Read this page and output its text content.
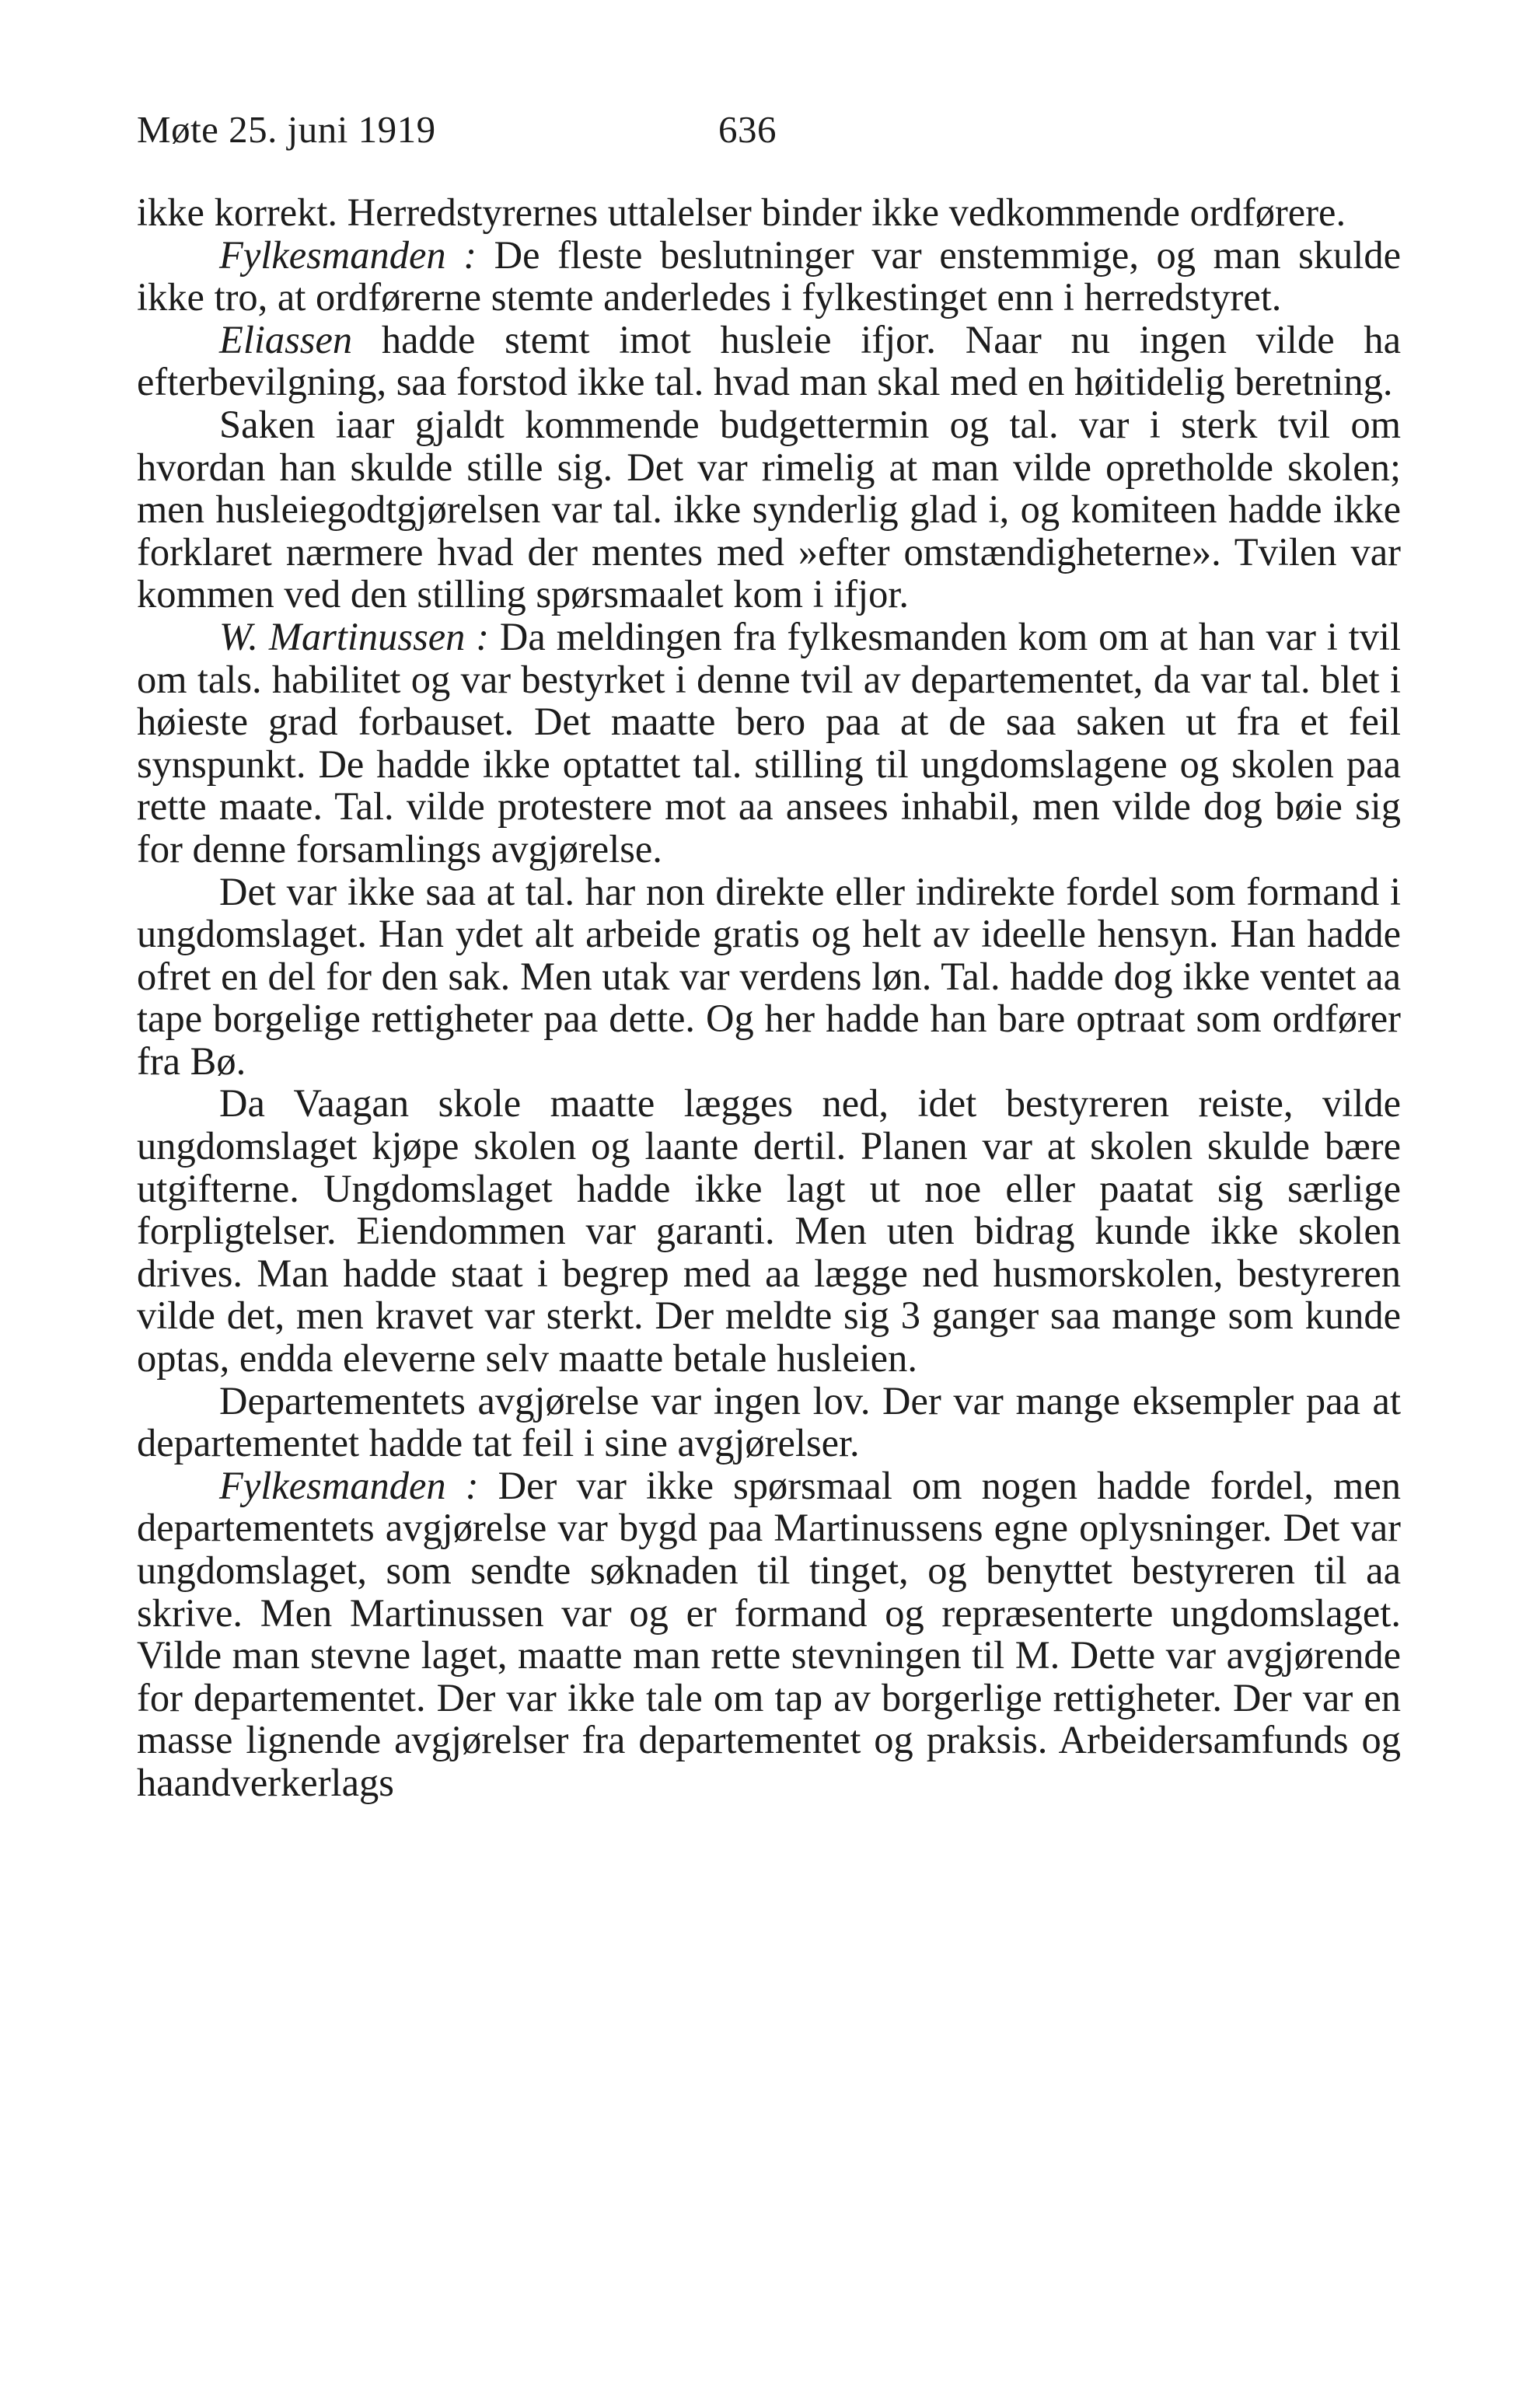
Møte 25. juni 1919	636

ikke korrekt. Herredstyrernes uttalelser binder ikke vedkommende ordførere.

Fylkesmanden : De fleste beslutninger var enstemmige, og man skulde ikke tro, at ordførerne stemte anderledes i fylkestinget enn i herredstyret.

Eliassen hadde stemt imot husleie ifjor. Naar nu ingen vilde ha efterbevilgning, saa forstod ikke tal. hvad man skal med en høitidelig beretning.

Saken iaar gjaldt kommende budgettermin og tal. var i sterk tvil om hvordan han skulde stille sig. Det var rimelig at man vilde opretholde skolen; men husleiegodtgjørelsen var tal. ikke synderlig glad i, og komiteen hadde ikke forklaret nærmere hvad der mentes med »efter omstændigheterne». Tvilen var kommen ved den stilling spørsmaalet kom i ifjor.

W. Martinussen : Da meldingen fra fylkesmanden kom om at han var i tvil om tals. habilitet og var bestyrket i denne tvil av departementet, da var tal. blet i høieste grad forbauset. Det maatte bero paa at de saa saken ut fra et feil synspunkt. De hadde ikke optattet tal. stilling til ungdomslagene og skolen paa rette maate. Tal. vilde protestere mot aa ansees inhabil, men vilde dog bøie sig for denne forsamlings avgjørelse.

Det var ikke saa at tal. har non direkte eller indirekte fordel som formand i ungdomslaget. Han ydet alt arbeide gratis og helt av ideelle hensyn. Han hadde ofret en del for den sak. Men utak var verdens løn. Tal. hadde dog ikke ventet aa tape borgelige rettigheter paa dette. Og her hadde han bare optraat som ordfører fra Bø.

Da Vaagan skole maatte lægges ned, idet bestyreren reiste, vilde ungdomslaget kjøpe skolen og laante dertil. Planen var at skolen skulde bære utgifterne. Ungdomslaget hadde ikke lagt ut noe eller paatat sig særlige forpligtelser. Eiendommen var garanti. Men uten bidrag kunde ikke skolen drives. Man hadde staat i begrep med aa lægge ned husmorskolen, bestyreren vilde det, men kravet var sterkt. Der meldte sig 3 ganger saa mange som kunde optas, endda eleverne selv maatte betale husleien.

Departementets avgjørelse var ingen lov. Der var mange eksempler paa at departementet hadde tat feil i sine avgjørelser.

Fylkesmanden : Der var ikke spørsmaal om nogen hadde fordel, men departementets avgjørelse var bygd paa Martinussens egne oplysninger. Det var ungdomslaget, som sendte søknaden til tinget, og benyttet bestyreren til aa skrive. Men Martinussen var og er formand og repræsenterte ungdomslaget. Vilde man stevne laget, maatte man rette stevningen til M. Dette var avgjørende for departementet. Der var ikke tale om tap av borgerlige rettigheter. Der var en masse lignende avgjørelser fra departementet og praksis. Arbeidersamfunds og haandverkerlags
